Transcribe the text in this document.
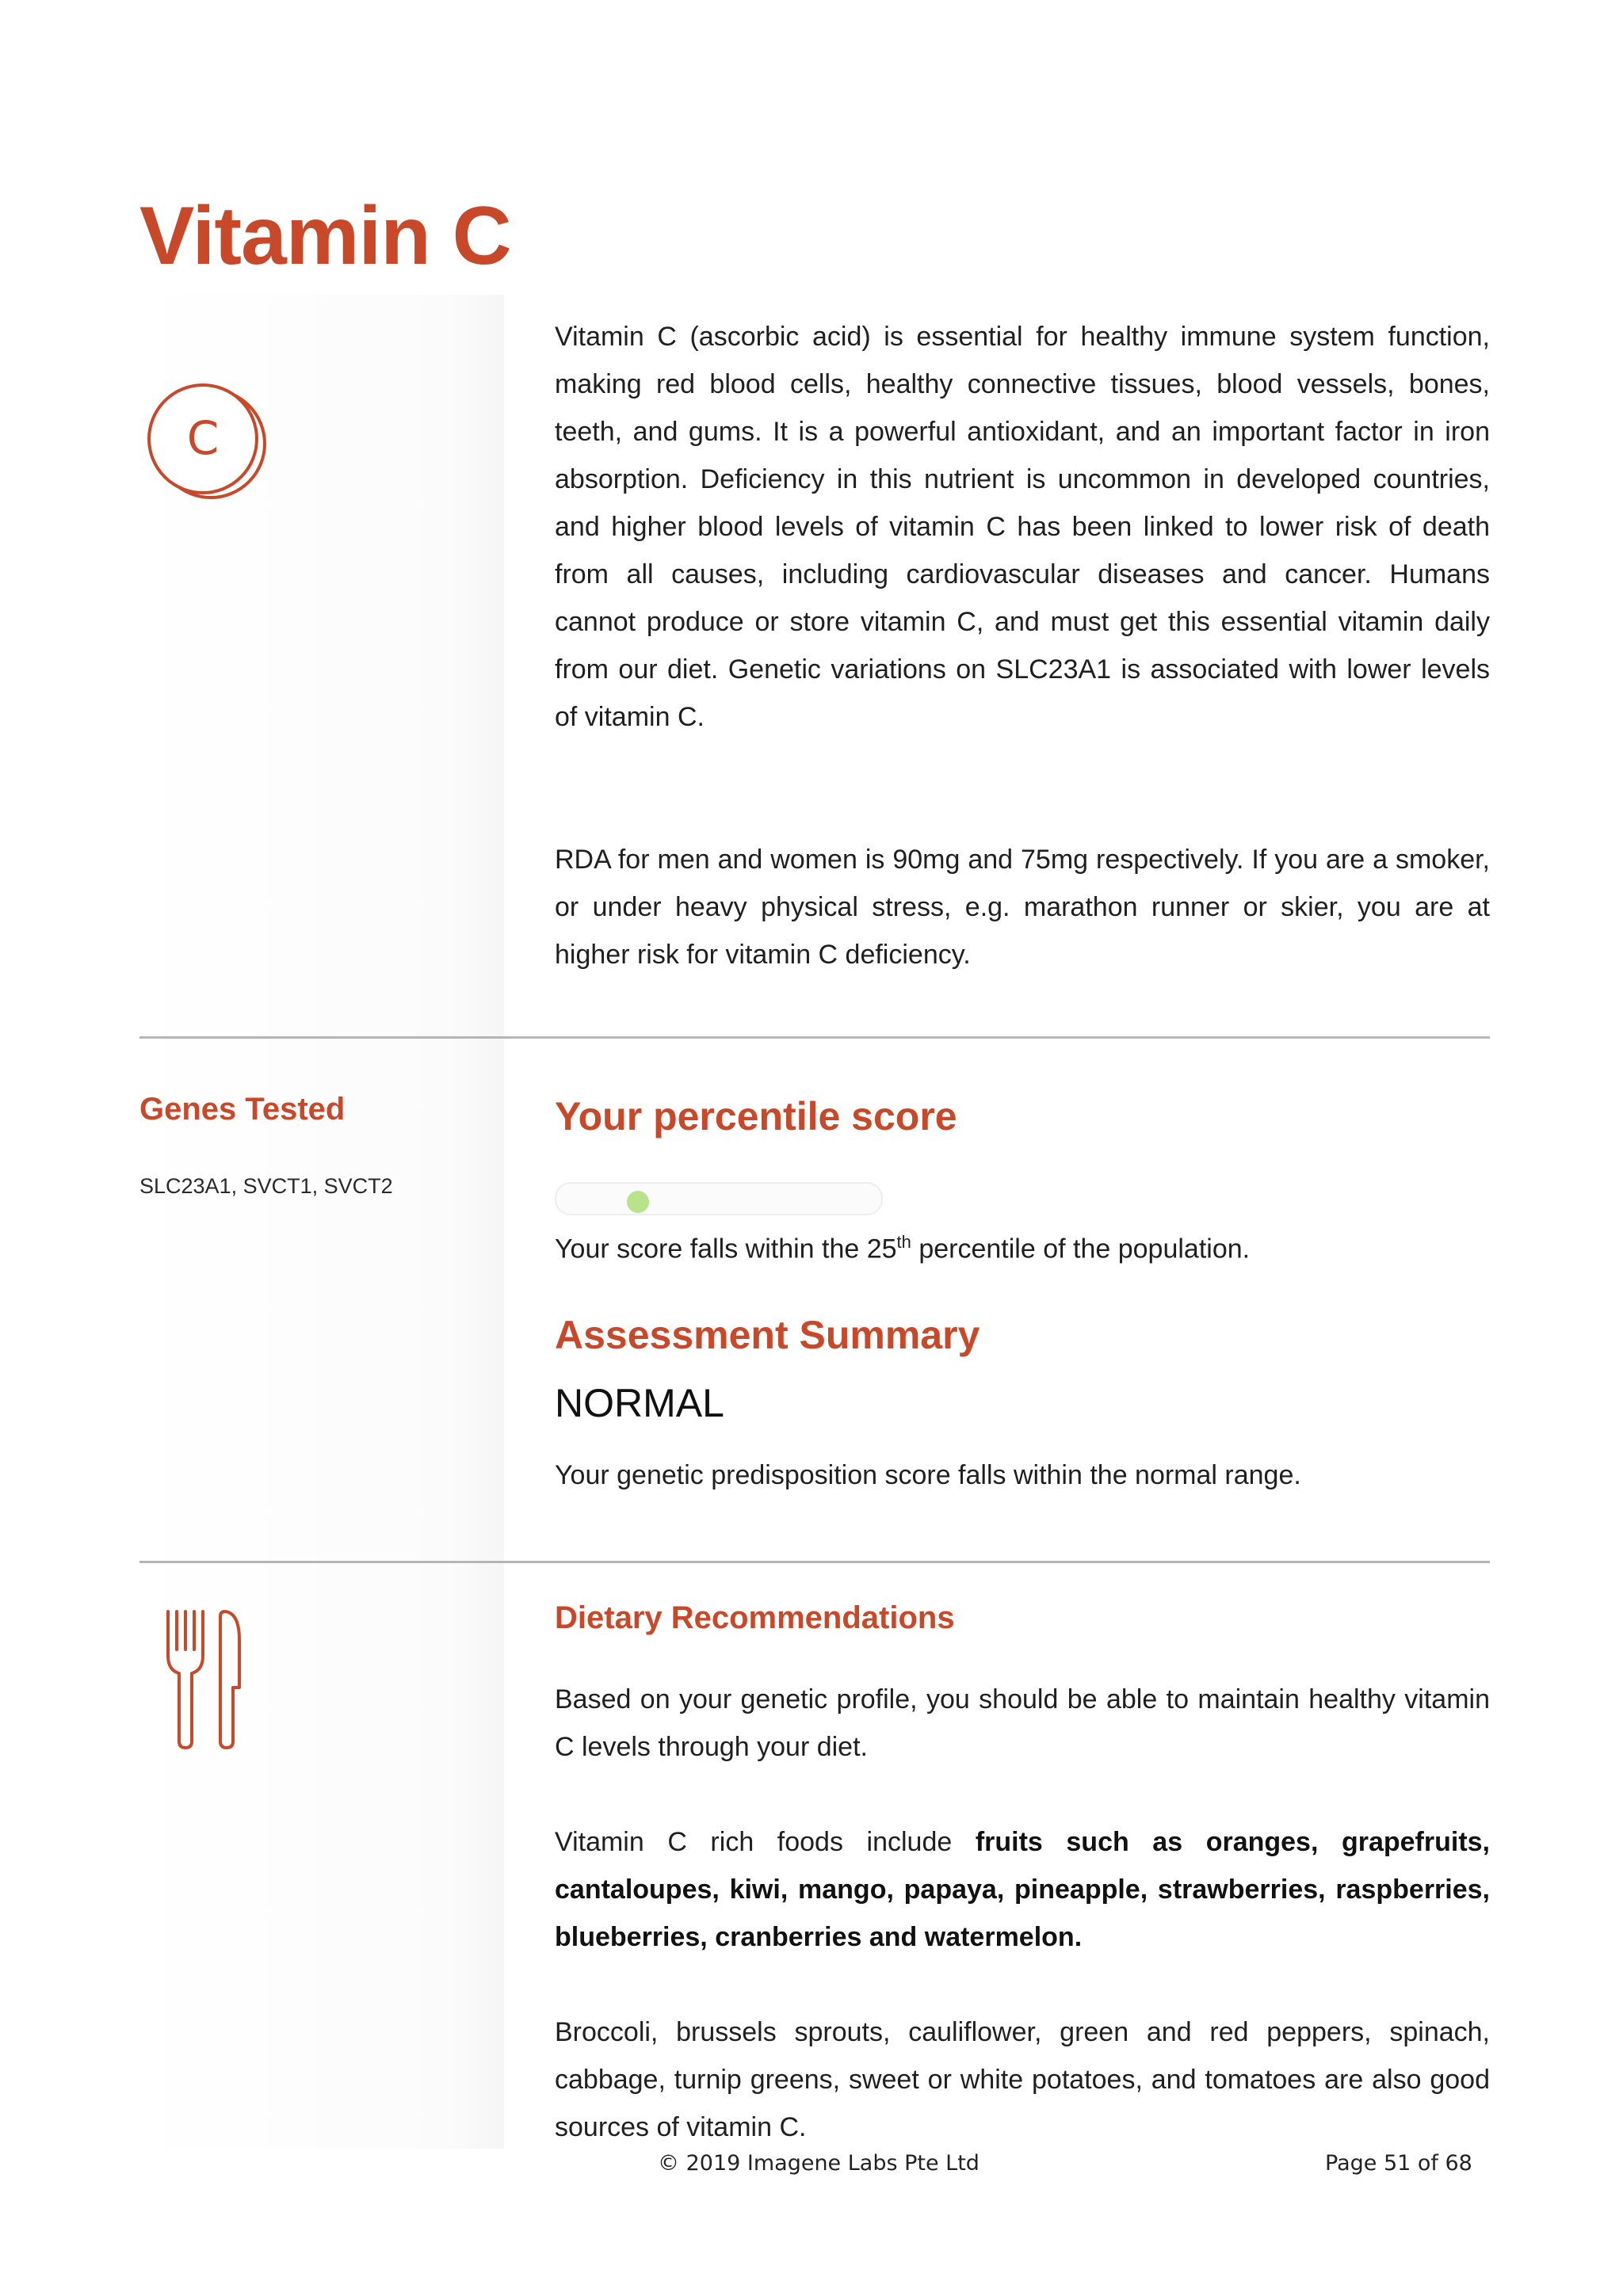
Vitamin C
C

Vitamin C (ascorbic acid) is essential for healthy immune system function, making red blood cells, healthy connective tissues, blood vessels, bones, teeth, and gums. It is a powerful antioxidant, and an important factor in iron absorption. Deficiency in this nutrient is uncommon in developed countries, and higher blood levels of vitamin C has been linked to lower risk of death from all causes, including cardiovascular diseases and cancer. Humans cannot produce or store vitamin C, and must get this essential vitamin daily from our diet. Genetic variations on SLC23A1 is associated with lower levels of vitamin C.

RDA for men and women is 90mg and 75mg respectively. If you are a smoker, or under heavy physical stress, e.g. marathon runner or skier, you are at higher risk for vitamin C deficiency.

Genes Tested
SLC23A1, SVCT1, SVCT2
Your percentile score
Your score falls within the 25th percentile of the population.
Assessment Summary
NORMAL

Your genetic predisposition score falls within the normal range.

Dietary Recommendations

Based on your genetic profile, you should be able to maintain healthy vitamin C levels through your diet.

Vitamin C rich foods include fruits such as oranges, grapefruits, cantaloupes, kiwi, mango, papaya, pineapple, strawberries, raspberries, blueberries, cranberries and watermelon.

Broccoli, brussels sprouts, cauliflower, green and red peppers, spinach, cabbage, turnip greens, sweet or white potatoes, and tomatoes are also good sources of vitamin C.

© 2019 Imagene Labs Pte Ltd	Page 51 of 68
